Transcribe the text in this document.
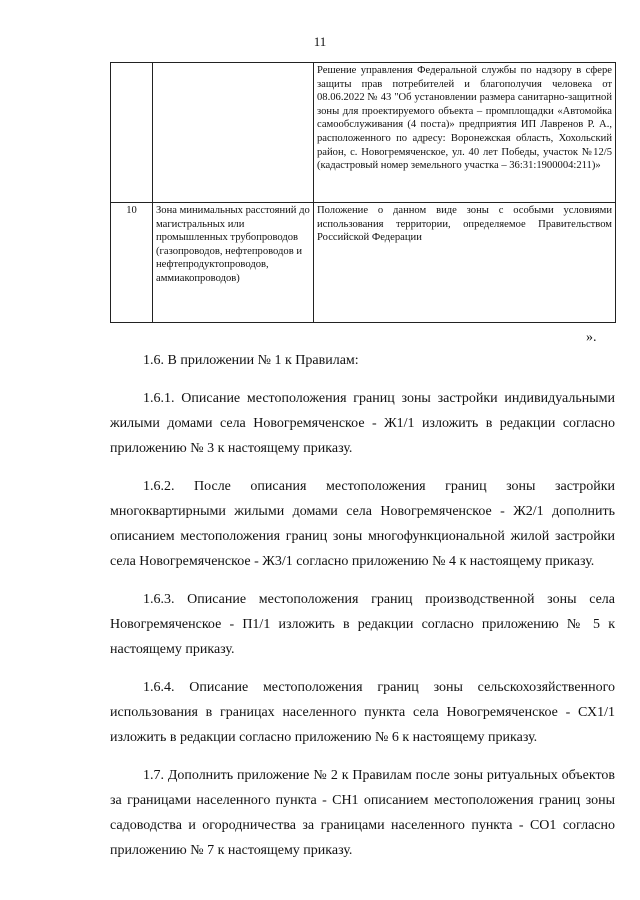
11
		Решение управления Федеральной службы по надзору в сфере защиты прав потребителей и благополучия человека от 08.06.2022 № 43 "Об установлении размера санитарно-защитной зоны для проектируемого объекта – промплощадки «Автомойка самообслуживания (4 поста)» предприятия ИП Лавренов Р. А., расположенного по адресу: Воронежская область, Хохольский район, с. Новогремяченское, ул. 40 лет Победы, участок №12/5 (кадастровый номер земельного участка – 36:31:1900004:211)»
10	Зона минимальных расстояний до магистральных или промышленных трубопроводов (газопроводов, нефтепроводов и нефтепродуктопроводов, аммиакопроводов)	Положение о данном виде зоны с особыми условиями использования территории, определяемое Правительством Российской Федерации
».

1.6. В приложении № 1 к Правилам:

1.6.1. Описание местоположения границ зоны застройки индивидуальными жилыми домами села Новогремяченское - Ж1/1 изложить в редакции согласно приложению № 3 к настоящему приказу.

1.6.2. После описания местоположения границ зоны застройки многоквартирными жилыми домами села Новогремяченское - Ж2/1 дополнить описанием местоположения границ зоны многофункциональной жилой застройки села Новогремяченское - Ж3/1 согласно приложению № 4 к настоящему приказу.

1.6.3. Описание местоположения границ производственной зоны села Новогремяченское - П1/1 изложить в редакции согласно приложению № 5 к настоящему приказу.

1.6.4. Описание местоположения границ зоны сельскохозяйственного использования в границах населенного пункта села Новогремяченское - СХ1/1 изложить в редакции согласно приложению № 6 к настоящему приказу.

1.7. Дополнить приложение № 2 к Правилам после зоны ритуальных объектов за границами населенного пункта - СН1 описанием местоположения границ зоны садоводства и огородничества за границами населенного пункта - СО1 согласно приложению № 7 к настоящему приказу.
